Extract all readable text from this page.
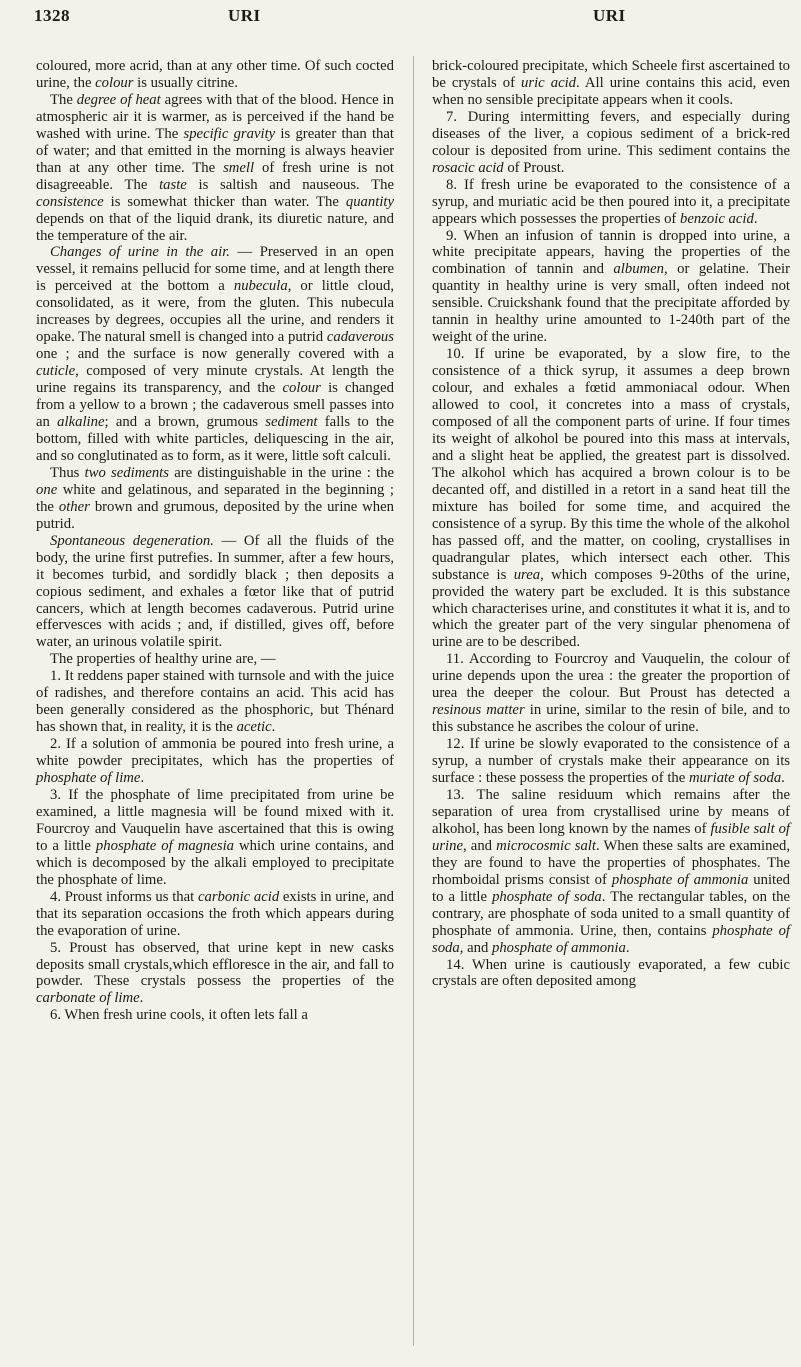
1328	URI	URI

coloured, more acrid, than at any other time. Of such cocted urine, the colour is usually citrine.

The degree of heat agrees with that of the blood. Hence in atmospheric air it is warmer, as is perceived if the hand be washed with urine. The specific gravity is greater than that of water; and that emitted in the morning is always heavier than at any other time. The smell of fresh urine is not disagreeable. The taste is saltish and nauseous. The consistence is somewhat thicker than water. The quantity depends on that of the liquid drank, its diuretic nature, and the temperature of the air.

Changes of urine in the air. — Preserved in an open vessel, it remains pellucid for some time, and at length there is perceived at the bottom a nubecula, or little cloud, consolidated, as it were, from the gluten. This nubecula increases by degrees, occupies all the urine, and renders it opake. The natural smell is changed into a putrid cadaverous one ; and the surface is now generally covered with a cuticle, composed of very minute crystals. At length the urine regains its transparency, and the colour is changed from a yellow to a brown ; the cadaverous smell passes into an alkaline; and a brown, grumous sediment falls to the bottom, filled with white particles, deliquescing in the air, and so conglutinated as to form, as it were, little soft calculi.

Thus two sediments are distinguishable in the urine : the one white and gelatinous, and separated in the beginning ; the other brown and grumous, deposited by the urine when putrid.

Spontaneous degeneration. — Of all the fluids of the body, the urine first putrefies. In summer, after a few hours, it becomes turbid, and sordidly black ; then deposits a copious sediment, and exhales a fœtor like that of putrid cancers, which at length becomes cadaverous. Putrid urine effervesces with acids ; and, if distilled, gives off, before water, an urinous volatile spirit.

The properties of healthy urine are, —

1. It reddens paper stained with turnsole and with the juice of radishes, and therefore contains an acid. This acid has been generally considered as the phosphoric, but Thénard has shown that, in reality, it is the acetic.

2. If a solution of ammonia be poured into fresh urine, a white powder precipitates, which has the properties of phosphate of lime.

3. If the phosphate of lime precipitated from urine be examined, a little magnesia will be found mixed with it. Fourcroy and Vauquelin have ascertained that this is owing to a little phosphate of magnesia which urine contains, and which is decomposed by the alkali employed to precipitate the phosphate of lime.

4. Proust informs us that carbonic acid exists in urine, and that its separation occasions the froth which appears during the evaporation of urine.

5. Proust has observed, that urine kept in new casks deposits small crystals,which effloresce in the air, and fall to powder. These crystals possess the properties of the carbonate of lime.

6. When fresh urine cools, it often lets fall a

brick-coloured precipitate, which Scheele first ascertained to be crystals of uric acid. All urine contains this acid, even when no sensible precipitate appears when it cools.

7. During intermitting fevers, and especially during diseases of the liver, a copious sediment of a brick-red colour is deposited from urine. This sediment contains the rosacic acid of Proust.

8. If fresh urine be evaporated to the consistence of a syrup, and muriatic acid be then poured into it, a precipitate appears which possesses the properties of benzoic acid.

9. When an infusion of tannin is dropped into urine, a white precipitate appears, having the properties of the combination of tannin and albumen, or gelatine. Their quantity in healthy urine is very small, often indeed not sensible. Cruickshank found that the precipitate afforded by tannin in healthy urine amounted to 1-240th part of the weight of the urine.

10. If urine be evaporated, by a slow fire, to the consistence of a thick syrup, it assumes a deep brown colour, and exhales a fœtid ammoniacal odour. When allowed to cool, it concretes into a mass of crystals, composed of all the component parts of urine. If four times its weight of alkohol be poured into this mass at intervals, and a slight heat be applied, the greatest part is dissolved. The alkohol which has acquired a brown colour is to be decanted off, and distilled in a retort in a sand heat till the mixture has boiled for some time, and acquired the consistence of a syrup. By this time the whole of the alkohol has passed off, and the matter, on cooling, crystallises in quadrangular plates, which intersect each other. This substance is urea, which composes 9-20ths of the urine, provided the watery part be excluded. It is this substance which characterises urine, and constitutes it what it is, and to which the greater part of the very singular phenomena of urine are to be described.

11. According to Fourcroy and Vauquelin, the colour of urine depends upon the urea : the greater the proportion of urea the deeper the colour. But Proust has detected a resinous matter in urine, similar to the resin of bile, and to this substance he ascribes the colour of urine.

12. If urine be slowly evaporated to the consistence of a syrup, a number of crystals make their appearance on its surface : these possess the properties of the muriate of soda.

13. The saline residuum which remains after the separation of urea from crystallised urine by means of alkohol, has been long known by the names of fusible salt of urine, and microcosmic salt. When these salts are examined, they are found to have the properties of phosphates. The rhomboidal prisms consist of phosphate of ammonia united to a little phosphate of soda. The rectangular tables, on the contrary, are phosphate of soda united to a small quantity of phosphate of ammonia. Urine, then, contains phosphate of soda, and phosphate of ammonia.

14. When urine is cautiously evaporated, a few cubic crystals are often deposited among
